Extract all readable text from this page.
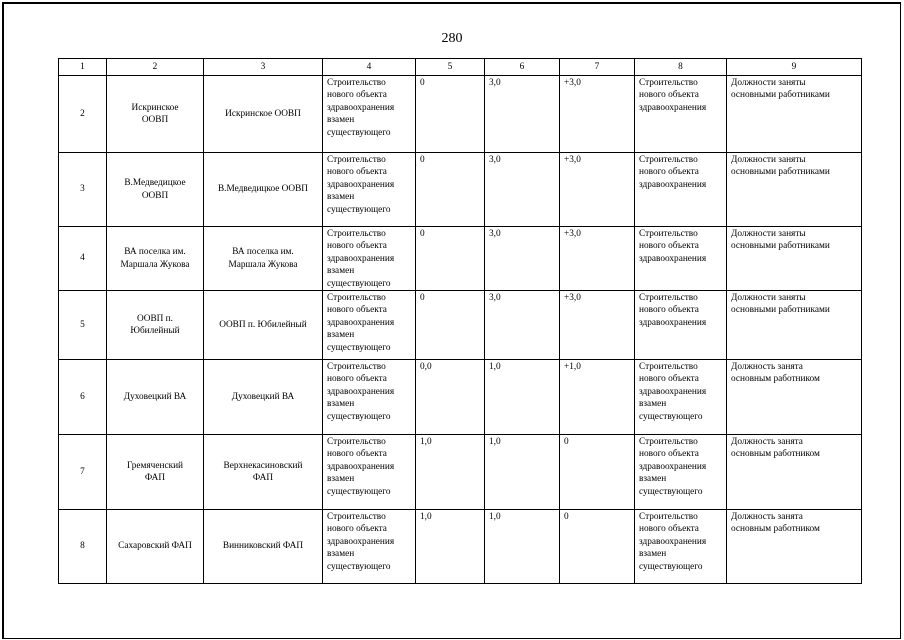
280
1	2	3	4	5	6	7	8	9
2	Искринское
ООВП	Искринское ООВП	Строительство
нового объекта
здравоохранения
взамен
существующего	0	3,0	+3,0	Строительство
нового объекта
здравоохранения	Должности заняты
основными работниками
3	В.Медведицкое
ООВП	В.Медведицкое ООВП	Строительство
нового объекта
здравоохранения
взамен
существующего	0	3,0	+3,0	Строительство
нового объекта
здравоохранения	Должности заняты
основными работниками
4	ВА поселка им.
Маршала Жукова	ВА поселка им.
Маршала Жукова	Строительство
нового объекта
здравоохранения
взамен
существующего	0	3,0	+3,0	Строительство
нового объекта
здравоохранения	Должности заняты
основными работниками
5	ООВП п.
Юбилейный	ООВП п. Юбилейный	Строительство
нового объекта
здравоохранения
взамен
существующего	0	3,0	+3,0	Строительство
нового объекта
здравоохранения	Должности заняты
основными работниками
6	Духовецкий ВА	Духовецкий ВА	Строительство
нового объекта
здравоохранения
взамен
существующего	0,0	1,0	+1,0	Строительство
нового объекта
здравоохранения
взамен
существующего	Должность занята
основным работником
7	Гремяченский
ФАП	Верхнекасиновский
ФАП	Строительство
нового объекта
здравоохранения
взамен
существующего	1,0	1,0	0	Строительство
нового объекта
здравоохранения
взамен
существующего	Должность занята
основным работником
8	Сахаровский ФАП	Винниковский ФАП	Строительство
нового объекта
здравоохранения
взамен
существующего	1,0	1,0	0	Строительство
нового объекта
здравоохранения
взамен
существующего	Должность занята
основным работником
